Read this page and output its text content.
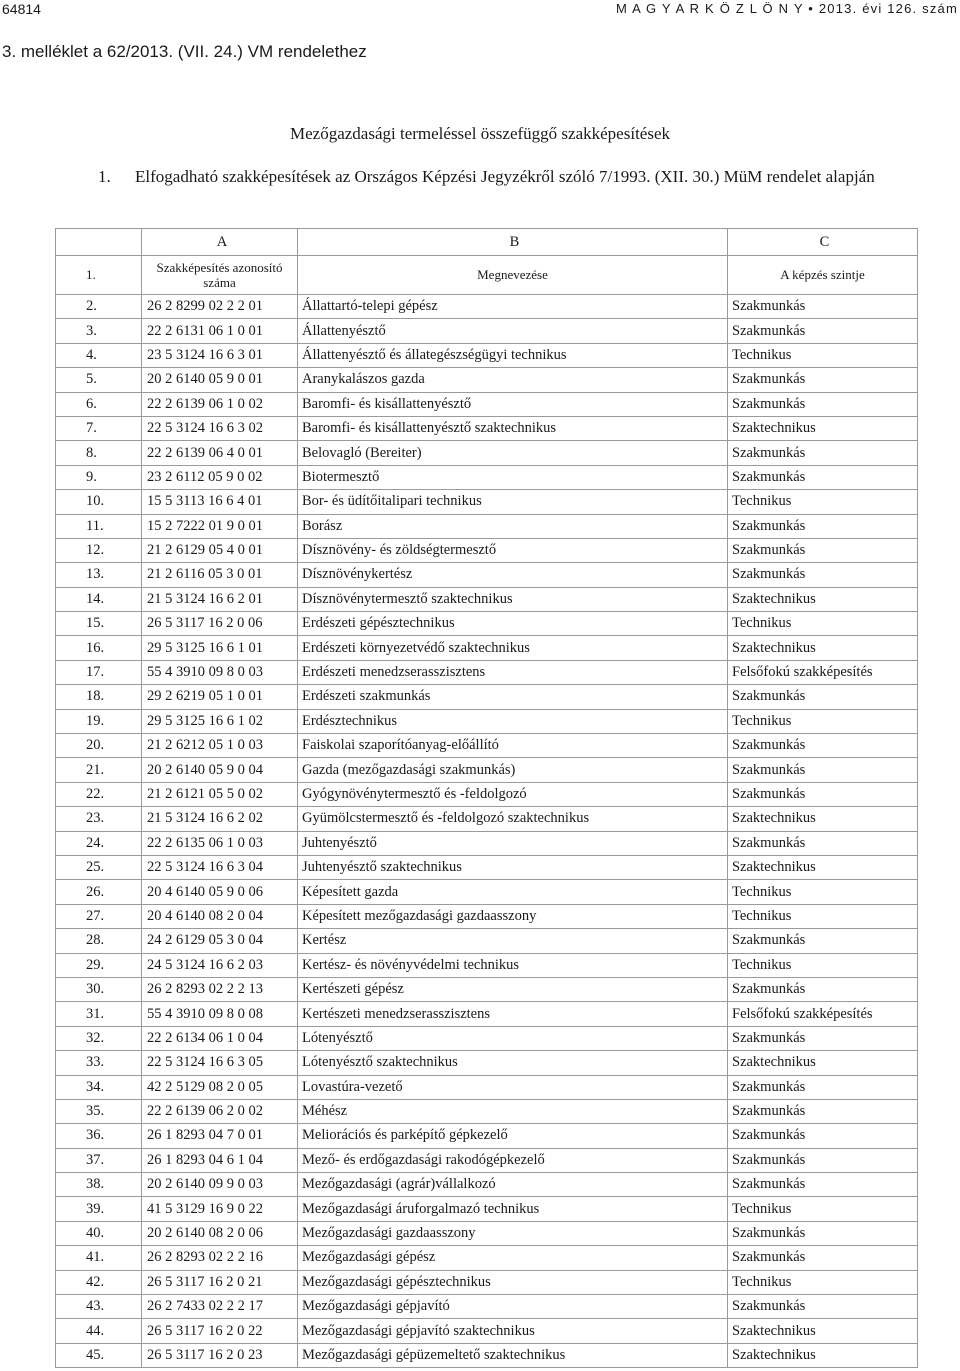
64814	M A G Y A R K Ö Z L Ö N Y • 2013. évi 126. szám
3. melléklet a 62/2013. (VII. 24.) VM rendelethez
Mezőgazdasági termeléssel összefüggő szakképesítések
1. Elfogadható szakképesítések az Országos Képzési Jegyzékről szóló 7/1993. (XII. 30.) MüM rendelet alapján
	A	B	C
1.	Szakképesítés azonosító száma	Megnevezése	A képzés szintje
2.	26 2 8299 02 2 2 01	Állattartó-telepi gépész	Szakmunkás
3.	22 2 6131 06 1 0 01	Állattenyésztő	Szakmunkás
4.	23 5 3124 16 6 3 01	Állattenyésztő és állategészségügyi technikus	Technikus
5.	20 2 6140 05 9 0 01	Aranykalászos gazda	Szakmunkás
6.	22 2 6139 06 1 0 02	Baromfi- és kisállattenyésztő	Szakmunkás
7.	22 5 3124 16 6 3 02	Baromfi- és kisállattenyésztő szaktechnikus	Szaktechnikus
8.	22 2 6139 06 4 0 01	Belovagló (Bereiter)	Szakmunkás
9.	23 2 6112 05 9 0 02	Biotermesztő	Szakmunkás
10.	15 5 3113 16 6 4 01	Bor- és üdítőitalipari technikus	Technikus
11.	15 2 7222 01 9 0 01	Borász	Szakmunkás
12.	21 2 6129 05 4 0 01	Dísznövény- és zöldségtermesztő	Szakmunkás
13.	21 2 6116 05 3 0 01	Dísznövénykertész	Szakmunkás
14.	21 5 3124 16 6 2 01	Dísznövénytermesztő szaktechnikus	Szaktechnikus
15.	26 5 3117 16 2 0 06	Erdészeti gépésztechnikus	Technikus
16.	29 5 3125 16 6 1 01	Erdészeti környezetvédő szaktechnikus	Szaktechnikus
17.	55 4 3910 09 8 0 03	Erdészeti menedzserasszisztens	Felsőfokú szakképesítés
18.	29 2 6219 05 1 0 01	Erdészeti szakmunkás	Szakmunkás
19.	29 5 3125 16 6 1 02	Erdésztechnikus	Technikus
20.	21 2 6212 05 1 0 03	Faiskolai szaporítóanyag-előállító	Szakmunkás
21.	20 2 6140 05 9 0 04	Gazda (mezőgazdasági szakmunkás)	Szakmunkás
22.	21 2 6121 05 5 0 02	Gyógynövénytermesztő és -feldolgozó	Szakmunkás
23.	21 5 3124 16 6 2 02	Gyümölcstermesztő és -feldolgozó szaktechnikus	Szaktechnikus
24.	22 2 6135 06 1 0 03	Juhtenyésztő	Szakmunkás
25.	22 5 3124 16 6 3 04	Juhtenyésztő szaktechnikus	Szaktechnikus
26.	20 4 6140 05 9 0 06	Képesített gazda	Technikus
27.	20 4 6140 08 2 0 04	Képesített mezőgazdasági gazdaasszony	Technikus
28.	24 2 6129 05 3 0 04	Kertész	Szakmunkás
29.	24 5 3124 16 6 2 03	Kertész- és növényvédelmi technikus	Technikus
30.	26 2 8293 02 2 2 13	Kertészeti gépész	Szakmunkás
31.	55 4 3910 09 8 0 08	Kertészeti menedzserasszisztens	Felsőfokú szakképesítés
32.	22 2 6134 06 1 0 04	Lótenyésztő	Szakmunkás
33.	22 5 3124 16 6 3 05	Lótenyésztő szaktechnikus	Szaktechnikus
34.	42 2 5129 08 2 0 05	Lovastúra-vezető	Szakmunkás
35.	22 2 6139 06 2 0 02	Méhész	Szakmunkás
36.	26 1 8293 04 7 0 01	Meliorációs és parképítő gépkezelő	Szakmunkás
37.	26 1 8293 04 6 1 04	Mező- és erdőgazdasági rakodógépkezelő	Szakmunkás
38.	20 2 6140 09 9 0 03	Mezőgazdasági (agrár)vállalkozó	Szakmunkás
39.	41 5 3129 16 9 0 22	Mezőgazdasági áruforgalmazó technikus	Technikus
40.	20 2 6140 08 2 0 06	Mezőgazdasági gazdaasszony	Szakmunkás
41.	26 2 8293 02 2 2 16	Mezőgazdasági gépész	Szakmunkás
42.	26 5 3117 16 2 0 21	Mezőgazdasági gépésztechnikus	Technikus
43.	26 2 7433 02 2 2 17	Mezőgazdasági gépjavító	Szakmunkás
44.	26 5 3117 16 2 0 22	Mezőgazdasági gépjavító szaktechnikus	Szaktechnikus
45.	26 5 3117 16 2 0 23	Mezőgazdasági gépüzemeltető szaktechnikus	Szaktechnikus
